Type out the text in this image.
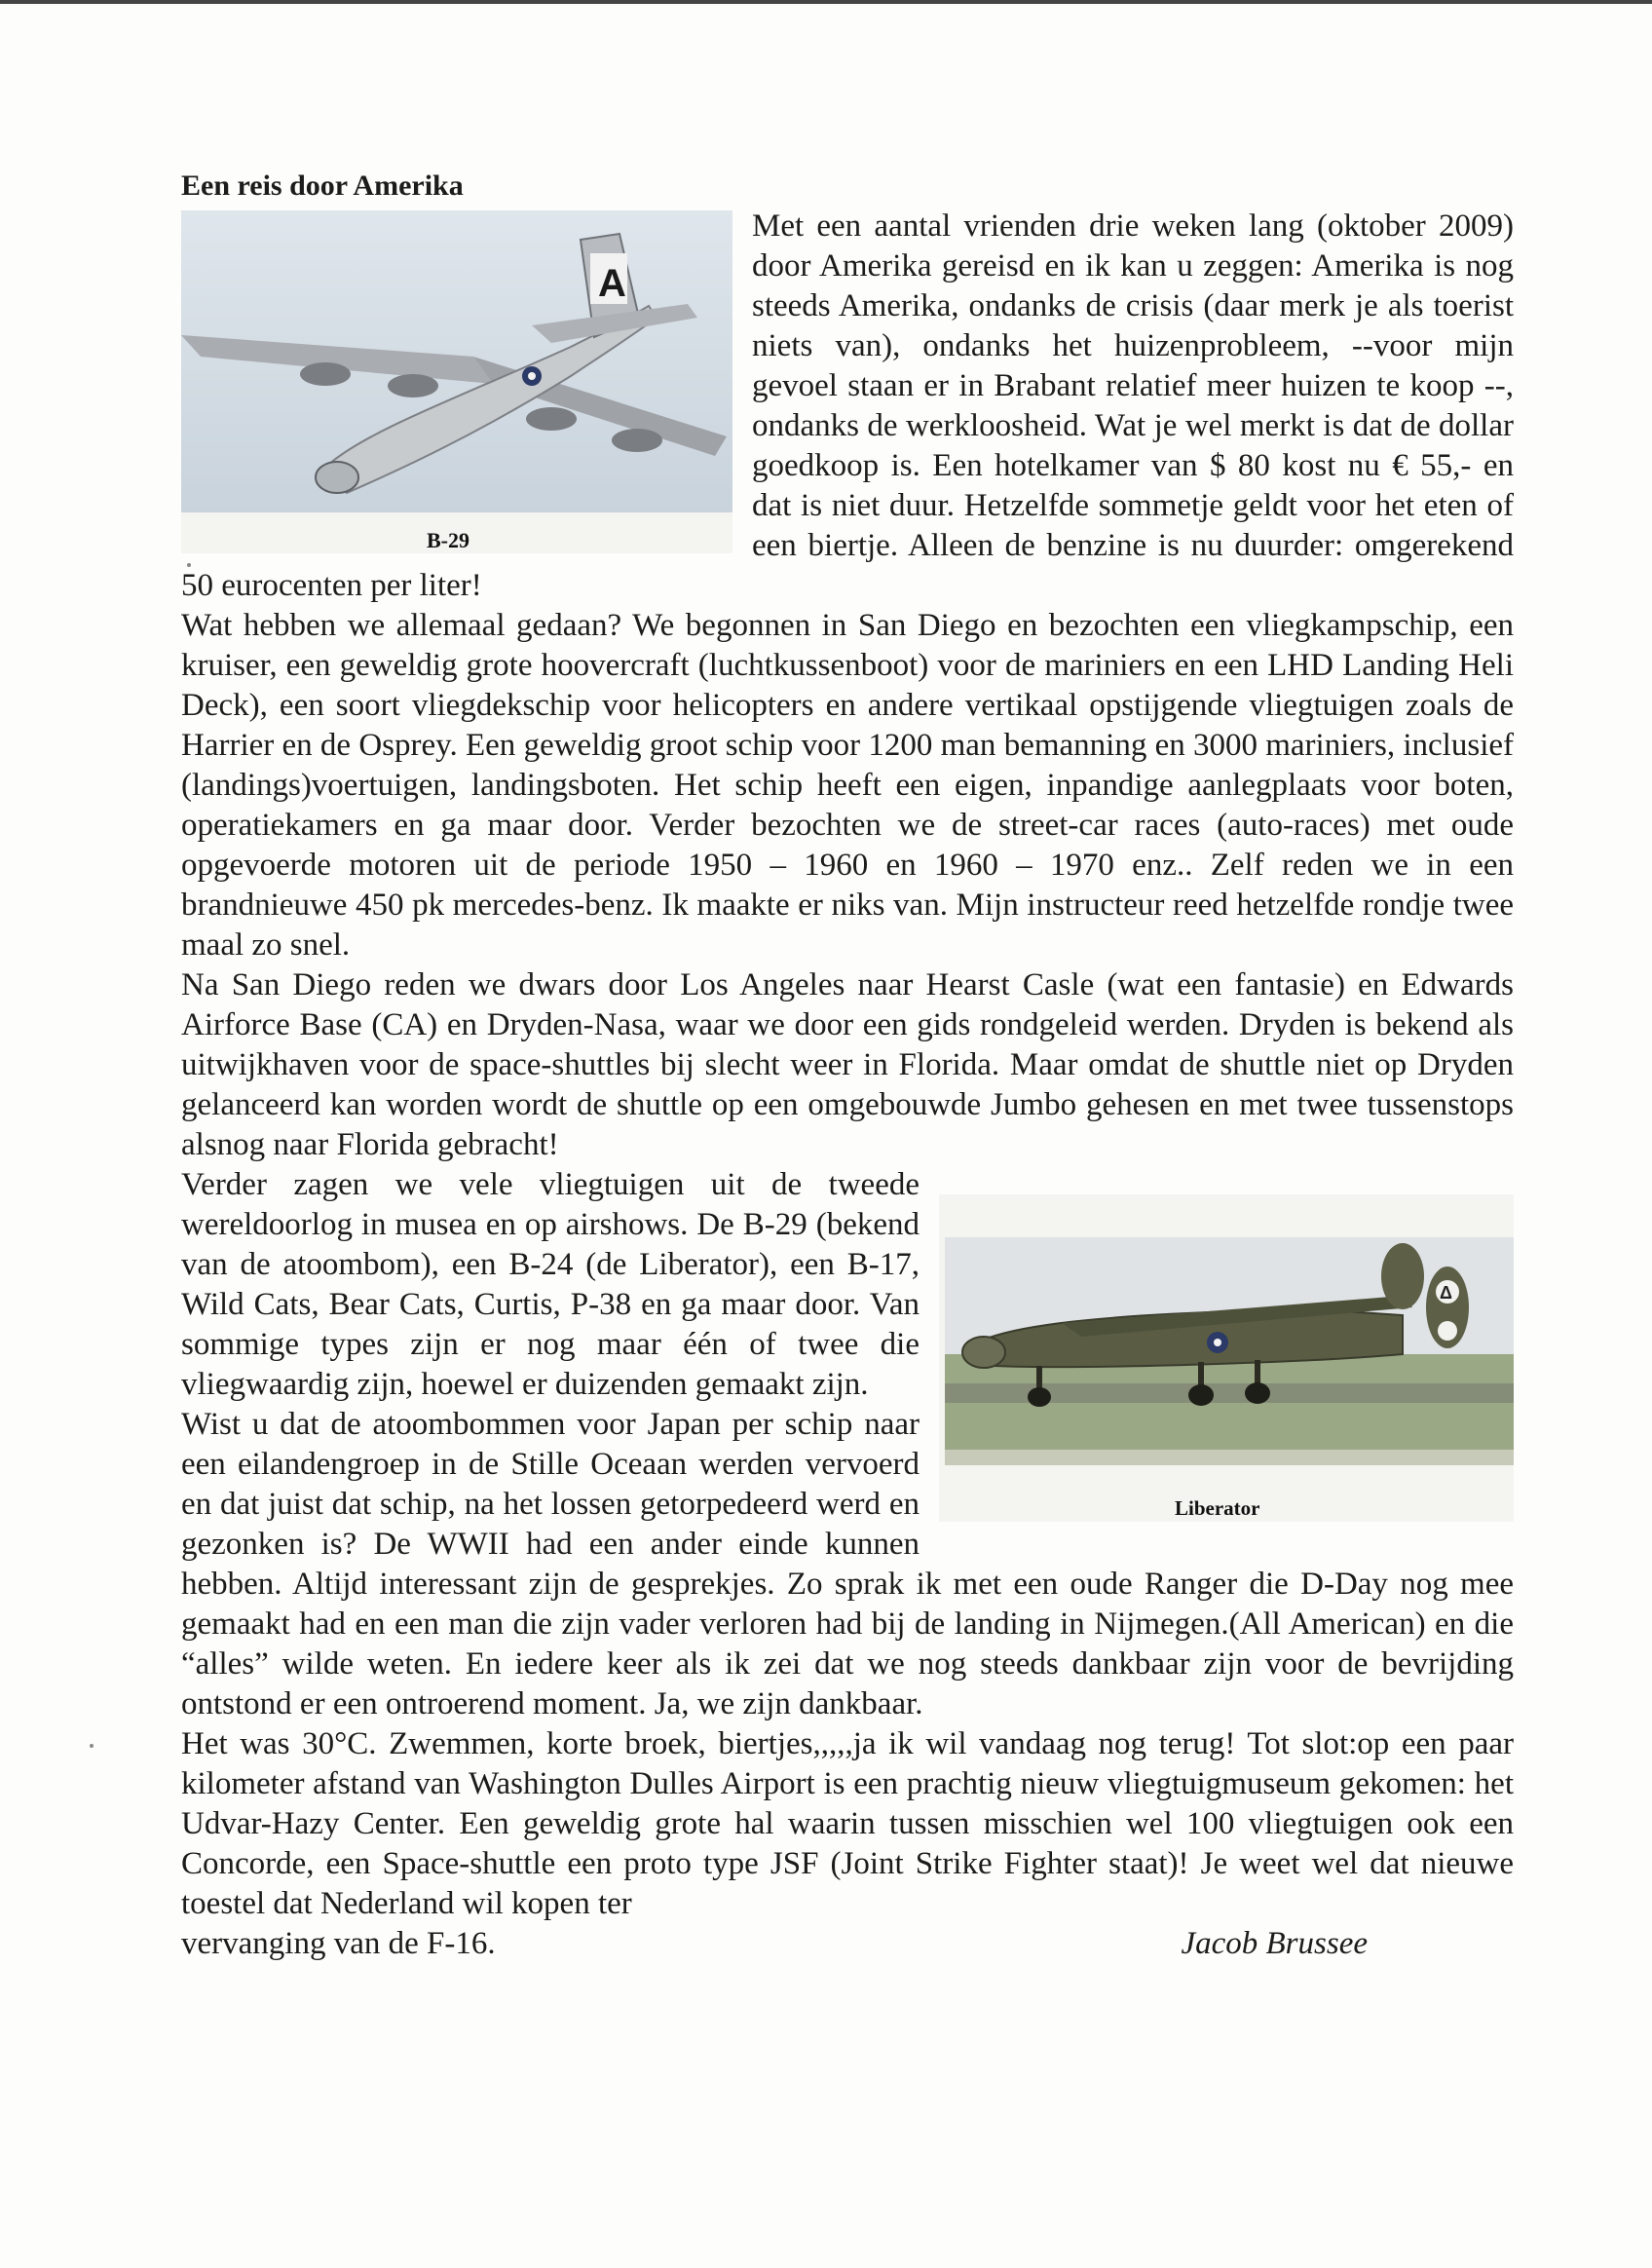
Een reis door Amerika

A
B-29
Met een aantal vrienden drie weken lang (oktober 2009) door Amerika gereisd en ik kan u zeggen: Amerika is nog steeds Amerika, ondanks de crisis (daar merk je als toerist niets van), ondanks het huizenprobleem, --voor mijn gevoel staan er in Brabant relatief meer huizen te koop --, ondanks de werkloosheid. Wat je wel merkt is dat de dollar goedkoop is. Een hotelkamer van $ 80 kost nu € 55,- en dat is niet duur. Hetzelfde sommetje geldt voor het eten of een biertje. Alleen de benzine is nu duurder: omgerekend 50 eurocenten per liter!

Wat hebben we allemaal gedaan? We begonnen in San Diego en bezochten een vliegkampschip, een kruiser, een geweldig grote hoovercraft (luchtkussenboot) voor de mariniers en een LHD Landing Heli Deck), een soort vliegdekschip voor helicopters en andere vertikaal opstijgende vliegtuigen zoals de Harrier en de Osprey. Een geweldig groot schip voor 1200 man bemanning en 3000 mariniers, inclusief (landings)voertuigen, landingsboten. Het schip heeft een eigen, inpandige aanlegplaats voor boten, operatiekamers en ga maar door. Verder bezochten we de street-car races (auto-races) met oude opgevoerde motoren uit de periode 1950 – 1960 en 1960 – 1970 enz.. Zelf reden we in een brandnieuwe 450 pk mercedes-benz. Ik maakte er niks van. Mijn instructeur reed hetzelfde rondje twee maal zo snel.

Na San Diego reden we dwars door Los Angeles naar Hearst Casle (wat een fantasie) en Edwards Airforce Base (CA) en Dryden-Nasa, waar we door een gids rondgeleid werden. Dryden is bekend als uitwijkhaven voor de space-shuttles bij slecht weer in Florida. Maar omdat de shuttle niet op Dryden gelanceerd kan worden wordt de shuttle op een omgebouwde Jumbo gehesen en met twee tussenstops alsnog naar Florida gebracht!

Δ
Liberator
Verder zagen we vele vliegtuigen uit de tweede wereldoorlog in musea en op airshows. De B-29 (bekend van de atoombom), een B-24 (de Liberator), een B-17, Wild Cats, Bear Cats, Curtis, P-38 en ga maar door. Van sommige types zijn er nog maar één of twee die vliegwaardig zijn, hoewel er duizenden gemaakt zijn.

Wist u dat de atoombommen voor Japan per schip naar een eilandengroep in de Stille Oceaan werden vervoerd en dat juist dat schip, na het lossen getorpedeerd werd en gezonken is? De WWII had een ander einde kunnen hebben. Altijd interessant zijn de gesprekjes. Zo sprak ik met een oude Ranger die D-Day nog mee gemaakt had en een man die zijn vader verloren had bij de landing in Nijmegen.(All American) en die “alles” wilde weten. En iedere keer als ik zei dat we nog steeds dankbaar zijn voor de bevrijding ontstond er een ontroerend moment. Ja, we zijn dankbaar.

Het was 30°C. Zwemmen, korte broek, biertjes,,,,,ja ik wil vandaag nog terug! Tot slot:op een paar kilometer afstand van Washington Dulles Airport is een prachtig nieuw vliegtuigmuseum gekomen: het Udvar-Hazy Center. Een geweldig grote hal waarin tussen misschien wel 100 vliegtuigen ook een Concorde, een Space-shuttle een proto type JSF (Joint Strike Fighter staat)! Je weet wel dat nieuwe toestel dat Nederland wil kopen ter

vervanging van de F-16.	Jacob Brussee
